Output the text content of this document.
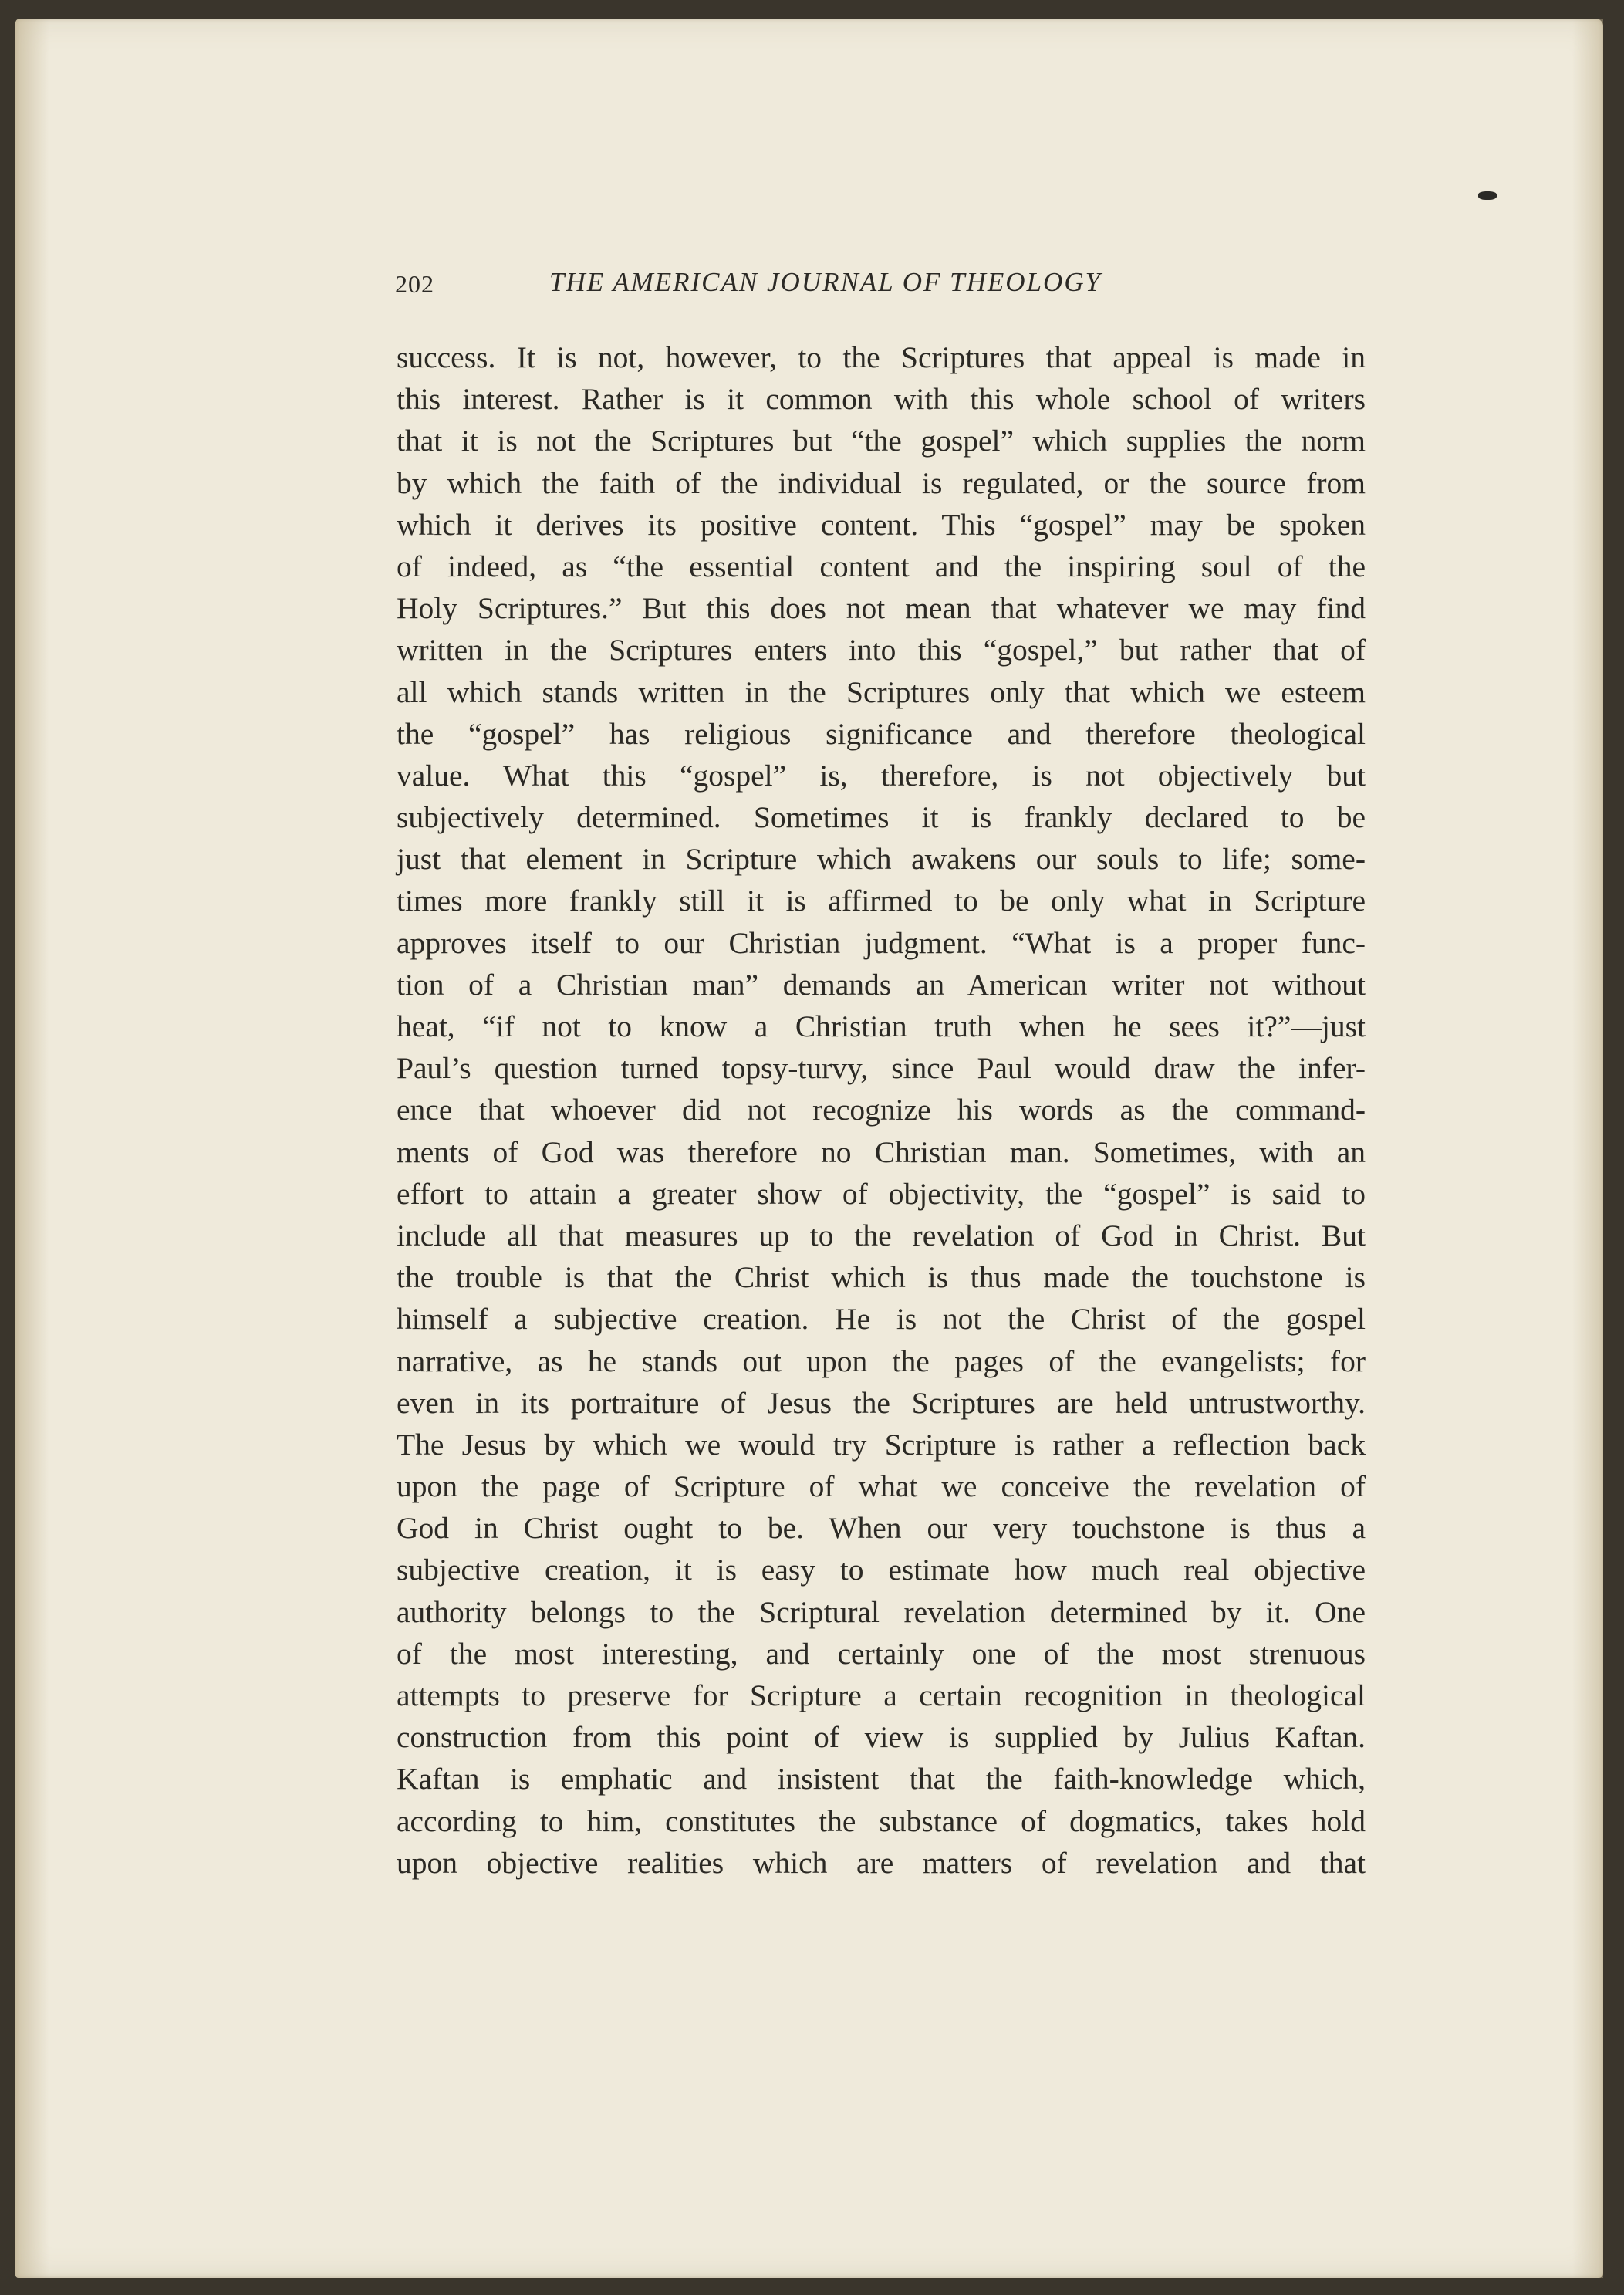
202	THE AMERICAN JOURNAL OF THEOLOGY
success. It is not, however, to the Scriptures that appeal is made in
this interest. Rather is it common with this whole school of writers
that it is not the Scriptures but “the gospel” which supplies the norm
by which the faith of the individual is regulated, or the source from
which it derives its positive content. This “gospel” may be spoken
of indeed, as “the essential content and the inspiring soul of the
Holy Scriptures.” But this does not mean that whatever we may find
written in the Scriptures enters into this “gospel,” but rather that of
all which stands written in the Scriptures only that which we esteem
the “gospel” has religious significance and therefore theological
value. What this “gospel” is, therefore, is not objectively but
subjectively determined. Sometimes it is frankly declared to be
just that element in Scripture which awakens our souls to life; some-
times more frankly still it is affirmed to be only what in Scripture
approves itself to our Christian judgment. “What is a proper func-
tion of a Christian man” demands an American writer not without
heat, “if not to know a Christian truth when he sees it?”—just
Paul’s question turned topsy-turvy, since Paul would draw the infer-
ence that whoever did not recognize his words as the command-
ments of God was therefore no Christian man. Sometimes, with an
effort to attain a greater show of objectivity, the “gospel” is said to
include all that measures up to the revelation of God in Christ. But
the trouble is that the Christ which is thus made the touchstone is
himself a subjective creation. He is not the Christ of the gospel
narrative, as he stands out upon the pages of the evangelists; for
even in its portraiture of Jesus the Scriptures are held untrustworthy.
The Jesus by which we would try Scripture is rather a reflection back
upon the page of Scripture of what we conceive the revelation of
God in Christ ought to be. When our very touchstone is thus a
subjective creation, it is easy to estimate how much real objective
authority belongs to the Scriptural revelation determined by it. One
of the most interesting, and certainly one of the most strenuous
attempts to preserve for Scripture a certain recognition in theological
construction from this point of view is supplied by Julius Kaftan.
Kaftan is emphatic and insistent that the faith-knowledge which,
according to him, constitutes the substance of dogmatics, takes hold
upon objective realities which are matters of revelation and that
